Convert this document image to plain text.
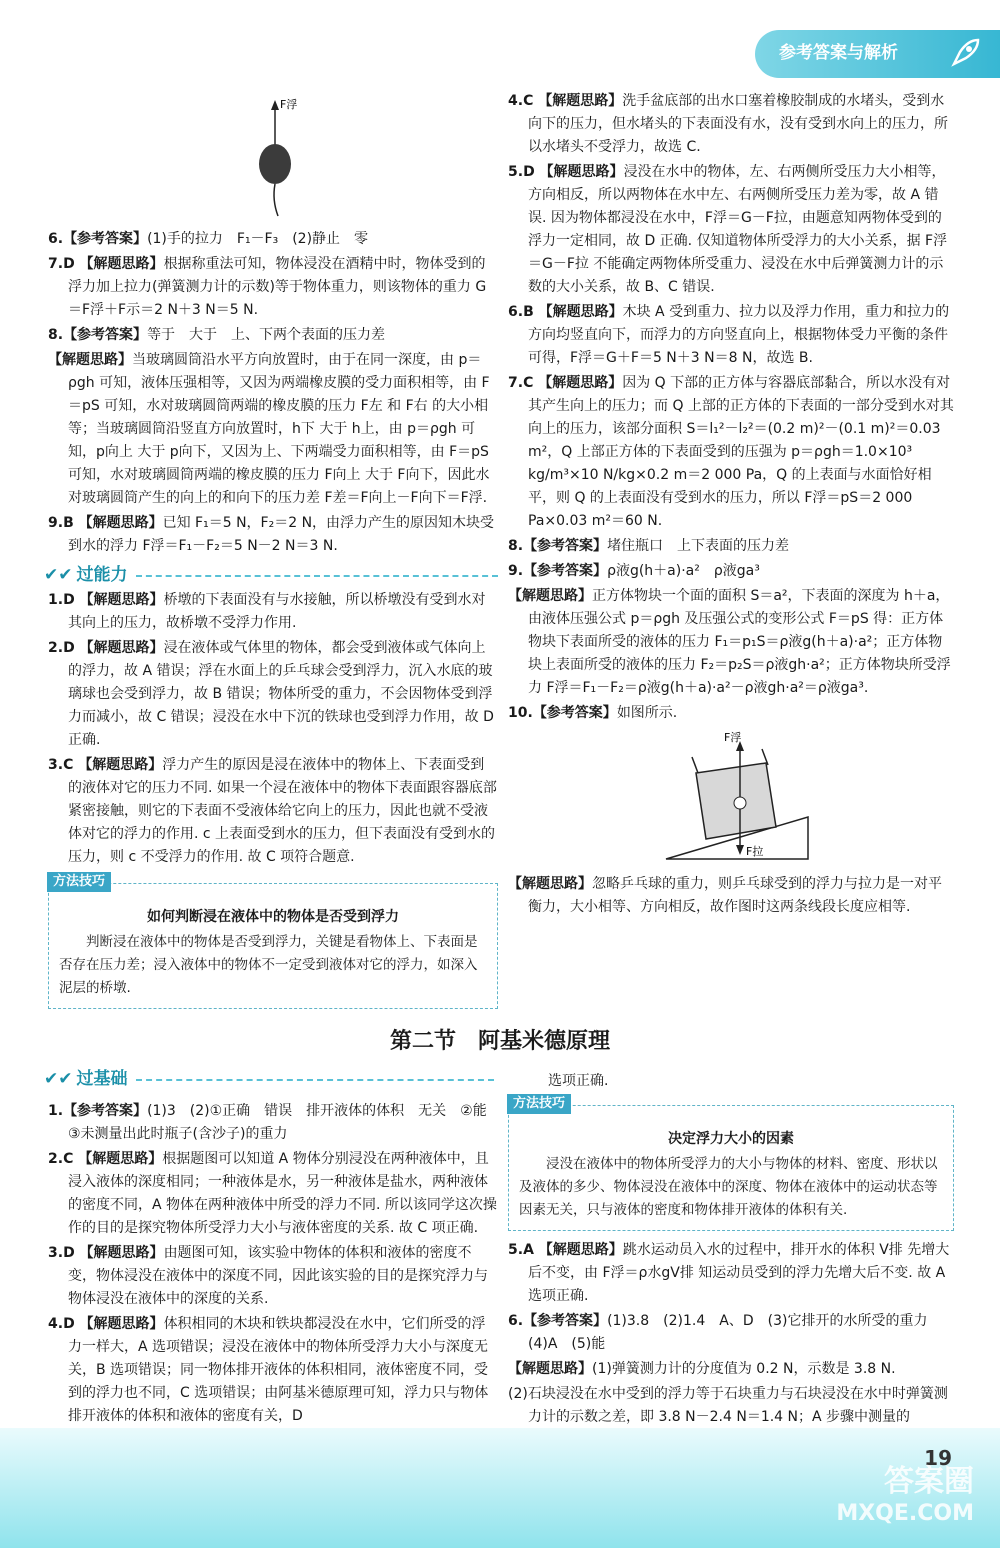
参考答案与解析
F浮
6.【参考答案】(1)手的拉力　F₁－F₃　(2)静止　零
7.D 【解题思路】根据称重法可知，物体浸没在酒精中时，物体受到的浮力加上拉力(弹簧测力计的示数)等于物体重力，则该物体的重力 G＝F浮＋F示＝2 N＋3 N＝5 N.
8.【参考答案】等于　大于　上、下两个表面的压力差
【解题思路】当玻璃圆筒沿水平方向放置时，由于在同一深度，由 p＝ρgh 可知，液体压强相等，又因为两端橡皮膜的受力面积相等，由 F＝pS 可知，水对玻璃圆筒两端的橡皮膜的压力 F左 和 F右 的大小相等；当玻璃圆筒沿竖直方向放置时，h下 大于 h上，由 p＝ρgh 可知，p向上 大于 p向下，又因为上、下两端受力面积相等，由 F＝pS 可知，水对玻璃圆筒两端的橡皮膜的压力 F向上 大于 F向下，因此水对玻璃圆筒产生的向上的和向下的压力差 F差＝F向上－F向下＝F浮.
9.B 【解题思路】已知 F₁＝5 N，F₂＝2 N，由浮力产生的原因知木块受到水的浮力 F浮＝F₁－F₂＝5 N－2 N＝3 N.
✔✔ 过能力
1.D 【解题思路】桥墩的下表面没有与水接触，所以桥墩没有受到水对其向上的压力，故桥墩不受浮力作用.
2.D 【解题思路】浸在液体或气体里的物体，都会受到液体或气体向上的浮力，故 A 错误；浮在水面上的乒乓球会受到浮力，沉入水底的玻璃球也会受到浮力，故 B 错误；物体所受的重力，不会因物体受到浮力而减小，故 C 错误；浸没在水中下沉的铁球也受到浮力作用，故 D 正确.
3.C 【解题思路】浮力产生的原因是浸在液体中的物体上、下表面受到的液体对它的压力不同. 如果一个浸在液体中的物体下表面跟容器底部紧密接触，则它的下表面不受液体给它向上的压力，因此也就不受液体对它的浮力的作用. c 上表面受到水的压力，但下表面没有受到水的压力，则 c 不受浮力的作用. 故 C 项符合题意.
方法技巧
如何判断浸在液体中的物体是否受到浮力

判断浸在液体中的物体是否受到浮力，关键是看物体上、下表面是否存在压力差；浸入液体中的物体不一定受到液体对它的浮力，如深入泥层的桥墩.

4.C 【解题思路】洗手盆底部的出水口塞着橡胶制成的水堵头，受到水向下的压力，但水堵头的下表面没有水，没有受到水向上的压力，所以水堵头不受浮力，故选 C.
5.D 【解题思路】浸没在水中的物体，左、右两侧所受压力大小相等，方向相反，所以两物体在水中左、右两侧所受压力差为零，故 A 错误. 因为物体都浸没在水中，F浮＝G－F拉，由题意知两物体受到的浮力一定相同，故 D 正确. 仅知道物体所受浮力的大小关系，据 F浮＝G－F拉 不能确定两物体所受重力、浸没在水中后弹簧测力计的示数的大小关系，故 B、C 错误.
6.B 【解题思路】木块 A 受到重力、拉力以及浮力作用，重力和拉力的方向均竖直向下，而浮力的方向竖直向上，根据物体受力平衡的条件可得，F浮＝G＋F＝5 N＋3 N＝8 N，故选 B.
7.C 【解题思路】因为 Q 下部的正方体与容器底部黏合，所以水没有对其产生向上的压力；而 Q 上部的正方体的下表面的一部分受到水对其向上的压力，该部分面积 S＝l₁²－l₂²＝(0.2 m)²－(0.1 m)²＝0.03 m²，Q 上部正方体的下表面受到的压强为 p＝ρgh＝1.0×10³ kg/m³×10 N/kg×0.2 m＝2 000 Pa，Q 的上表面与水面恰好相平，则 Q 的上表面没有受到水的压力，所以 F浮＝pS＝2 000 Pa×0.03 m²＝60 N.
8.【参考答案】堵住瓶口　上下表面的压力差
9.【参考答案】ρ液g(h＋a)·a²　ρ液ga³
【解题思路】正方体物块一个面的面积 S＝a²，下表面的深度为 h＋a，由液体压强公式 p＝ρgh 及压强公式的变形公式 F＝pS 得：正方体物块下表面所受的液体的压力 F₁＝p₁S＝ρ液g(h＋a)·a²；正方体物块上表面所受的液体的压力 F₂＝p₂S＝ρ液gh·a²；正方体物块所受浮力 F浮＝F₁－F₂＝ρ液g(h＋a)·a²－ρ液gh·a²＝ρ液ga³.
10.【参考答案】如图所示.
F浮
F拉
【解题思路】忽略乒乓球的重力，则乒乓球受到的浮力与拉力是一对平衡力，大小相等、方向相反，故作图时这两条线段长度应相等.
第二节　阿基米德原理
✔✔ 过基础
1.【参考答案】(1)3　(2)①正确　错误　排开液体的体积　无关　②能　③未测量出此时瓶子(含沙子)的重力
2.C 【解题思路】根据题图可以知道 A 物体分别浸没在两种液体中，且浸入液体的深度相同；一种液体是水，另一种液体是盐水，两种液体的密度不同，A 物体在两种液体中所受的浮力不同. 所以该同学这次操作的目的是探究物体所受浮力大小与液体密度的关系. 故 C 项正确.
3.D 【解题思路】由题图可知，该实验中物体的体积和液体的密度不变，物体浸没在液体中的深度不同，因此该实验的目的是探究浮力与物体浸没在液体中的深度的关系.
4.D 【解题思路】体积相同的木块和铁块都浸没在水中，它们所受的浮力一样大，A 选项错误；浸没在液体中的物体所受浮力大小与深度无关，B 选项错误；同一物体排开液体的体积相同，液体密度不同，受到的浮力也不同，C 选项错误；由阿基米德原理可知，浮力只与物体排开液体的体积和液体的密度有关，D
选项正确.
方法技巧
决定浮力大小的因素

浸没在液体中的物体所受浮力的大小与物体的材料、密度、形状以及液体的多少、物体浸没在液体中的深度、物体在液体中的运动状态等因素无关，只与液体的密度和物体排开液体的体积有关.

5.A 【解题思路】跳水运动员入水的过程中，排开水的体积 V排 先增大后不变，由 F浮＝ρ水gV排 知运动员受到的浮力先增大后不变. 故 A 选项正确.
6.【参考答案】(1)3.8　(2)1.4　A、D　(3)它排开的水所受的重力　(4)A　(5)能
【解题思路】(1)弹簧测力计的分度值为 0.2 N，示数是 3.8 N.
(2)石块浸没在水中受到的浮力等于石块重力与石块浸没在水中时弹簧测力计的示数之差，即 3.8 N－2.4 N＝1.4 N；A 步骤中测量的
19
答案圈
MXQE.COM
